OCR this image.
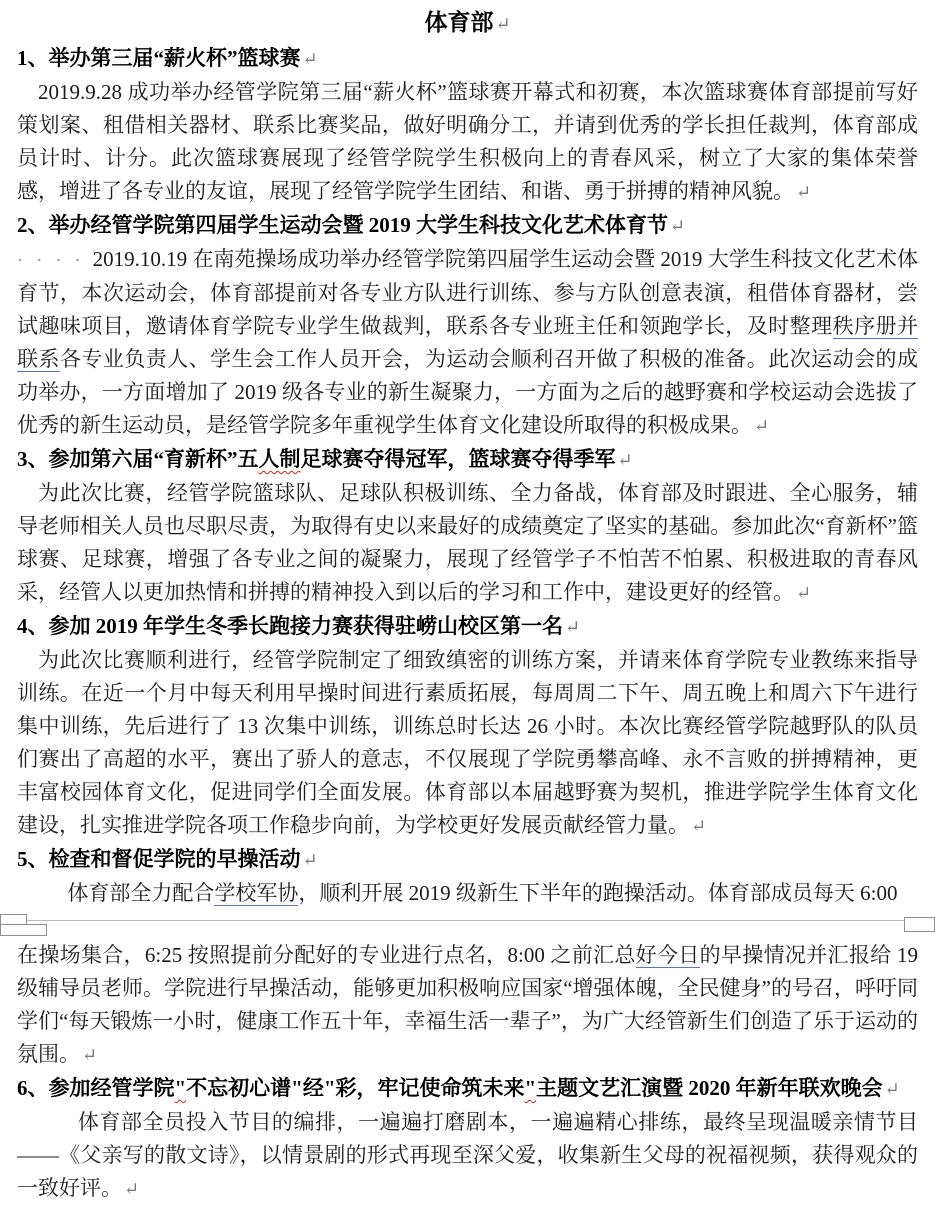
体育部 ↵
1、举办第三届“薪火杯”篮球赛 ↵
2019.9.28 成功举办经管学院第三届“薪火杯”篮球赛开幕式和初赛，本次篮球赛体育部提前写好策划案、租借相关器材、联系比赛奖品，做好明确分工，并请到优秀的学长担任裁判，体育部成员计时、计分。此次篮球赛展现了经管学院学生积极向上的青春风采，树立了大家的集体荣誉感，增进了各专业的友谊，展现了经管学院学生团结、和谐、勇于拼搏的精神风貌。 ↵
2、举办经管学院第四届学生运动会暨 2019 大学生科技文化艺术体育节 ↵
· · · · 2019.10.19 在南苑操场成功举办经管学院第四届学生运动会暨 2019 大学生科技文化艺术体育节，本次运动会，体育部提前对各专业方队进行训练、参与方队创意表演，租借体育器材，尝试趣味项目，邀请体育学院专业学生做裁判，联系各专业班主任和领跑学长，及时整理秩序册并联系各专业负责人、学生会工作人员开会，为运动会顺利召开做了积极的准备。此次运动会的成功举办，一方面增加了 2019 级各专业的新生凝聚力，一方面为之后的越野赛和学校运动会选拔了优秀的新生运动员，是经管学院多年重视学生体育文化建设所取得的积极成果。 ↵
3、参加第六届“育新杯”五人制足球赛夺得冠军，篮球赛夺得季军 ↵
为此次比赛，经管学院篮球队、足球队积极训练、全力备战，体育部及时跟进、全心服务，辅导老师相关人员也尽职尽责，为取得有史以来最好的成绩奠定了坚实的基础。参加此次“育新杯”篮球赛、足球赛，增强了各专业之间的凝聚力，展现了经管学子不怕苦不怕累、积极进取的青春风采，经管人以更加热情和拼搏的精神投入到以后的学习和工作中，建设更好的经管。 ↵
4、参加 2019 年学生冬季长跑接力赛获得驻崂山校区第一名 ↵
为此次比赛顺利进行，经管学院制定了细致缜密的训练方案，并请来体育学院专业教练来指导训练。在近一个月中每天利用早操时间进行素质拓展，每周周二下午、周五晚上和周六下午进行集中训练，先后进行了 13 次集中训练，训练总时长达 26 小时。本次比赛经管学院越野队的队员们赛出了高超的水平，赛出了骄人的意志，不仅展现了学院勇攀高峰、永不言败的拼搏精神，更丰富校园体育文化，促进同学们全面发展。体育部以本届越野赛为契机，推进学院学生体育文化建设，扎实推进学院各项工作稳步向前，为学校更好发展贡献经管力量。 ↵
5、检查和督促学院的早操活动 ↵
体育部全力配合学校军协，顺利开展 2019 级新生下半年的跑操活动。体育部成员每天 6:00
在操场集合，6:25 按照提前分配好的专业进行点名，8:00 之前汇总好今日的早操情况并汇报给 19 级辅导员老师。学院进行早操活动，能够更加积极响应国家“增强体魄，全民健身”的号召，呼吁同学们“每天锻炼一小时，健康工作五十年，幸福生活一辈子”，为广大经管新生们创造了乐于运动的氛围。 ↵
6、参加经管学院"不忘初心谱"经"彩，牢记使命筑未来"主题文艺汇演暨 2020 年新年联欢晚会 ↵
体育部全员投入节目的编排，一遍遍打磨剧本，一遍遍精心排练，最终呈现温暖亲情节目——《父亲写的散文诗》，以情景剧的形式再现至深父爱，收集新生父母的祝福视频，获得观众的一致好评。 ↵
